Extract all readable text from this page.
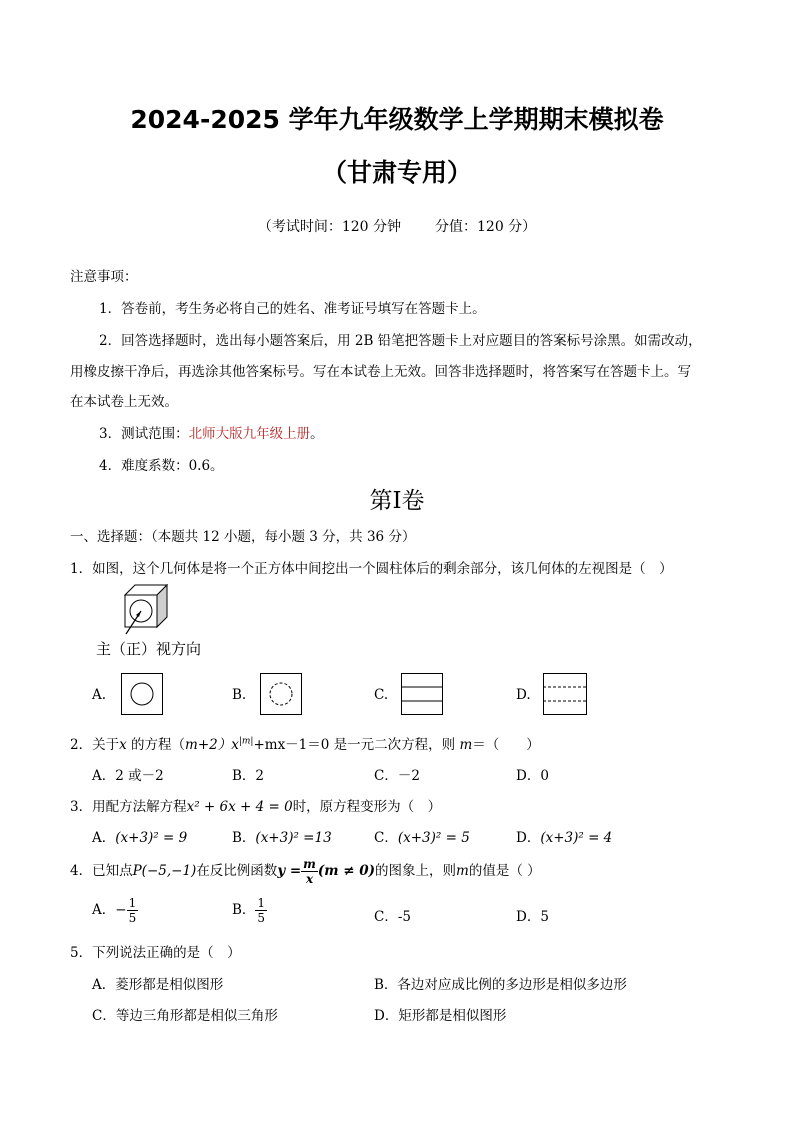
2024-2025 学年九年级数学上学期期末模拟卷
（甘肃专用）
（考试时间：120 分钟 分值：120 分）
注意事项：
1．答卷前，考生务必将自己的姓名、准考证号填写在答题卡上。
2．回答选择题时，选出每小题答案后，用 2B 铅笔把答题卡上对应题目的答案标号涂黑。如需改动，
用橡皮擦干净后，再选涂其他答案标号。写在本试卷上无效。回答非选择题时，将答案写在答题卡上。写
在本试卷上无效。
3．测试范围：北师大版九年级上册。
4．难度系数：0.6。
第I卷
一、选择题：（本题共 12 小题，每小题 3 分，共 36 分）
1．如图，这个几何体是将一个正方体中间挖出一个圆柱体后的剩余部分，该几何体的左视图是（　）
主（正）视方向
A.	B.	C.	D.
2．关于x 的方程$(m+2)x^{|m|}+mx-1=0$ 是一元二次方程，则 m＝（　　）
A．2 或－2	B．2	C．－2	D．0
3．用配方法解方程x² + 6x + 4 = 0时，原方程变形为（　）
A．(x+3)² = 9	B．(x+3)² =13	C．(x+3)² = 5	D．(x+3)² = 4
4．已知点P(−5,−1)在反比例函数$y = \frac{m}{x} (m \ne 0)$的图象上，则m的值是（ ）
A．− $\frac{1}{5}$	B． $\frac{1}{5}$	C．-5	D．5
5．下列说法正确的是（　）
A．菱形都是相似图形	B．各边对应成比例的多边形是相似多边形
C．等边三角形都是相似三角形	D．矩形都是相似图形
